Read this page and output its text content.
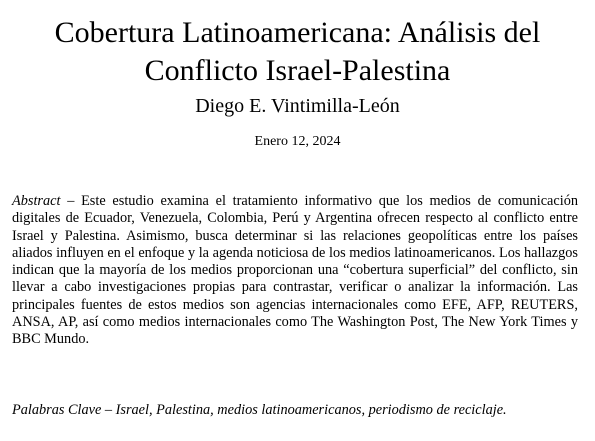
Cobertura Latinoamericana: Análisis del
Conflicto Israel-Palestina
Diego E. Vintimilla-León
Enero 12, 2024

Abstract – Este estudio examina el tratamiento informativo que los medios de comunicación digitales de Ecuador, Venezuela, Colombia, Perú y Argentina ofrecen respecto al conflicto entre Israel y Palestina. Asimismo, busca determinar si las relaciones geopolíticas entre los países aliados influyen en el enfoque y la agenda noticiosa de los medios latinoamericanos. Los hallazgos indican que la mayoría de los medios proporcionan una “cobertura superficial” del conflicto, sin llevar a cabo investigaciones propias para contrastar, verificar o analizar la información. Las principales fuentes de estos medios son agencias internacionales como EFE, AFP, REUTERS, ANSA, AP, así como medios internacionales como The Washington Post, The New York Times y BBC Mundo.

Palabras Clave – Israel, Palestina, medios latinoamericanos, periodismo de reciclaje.
